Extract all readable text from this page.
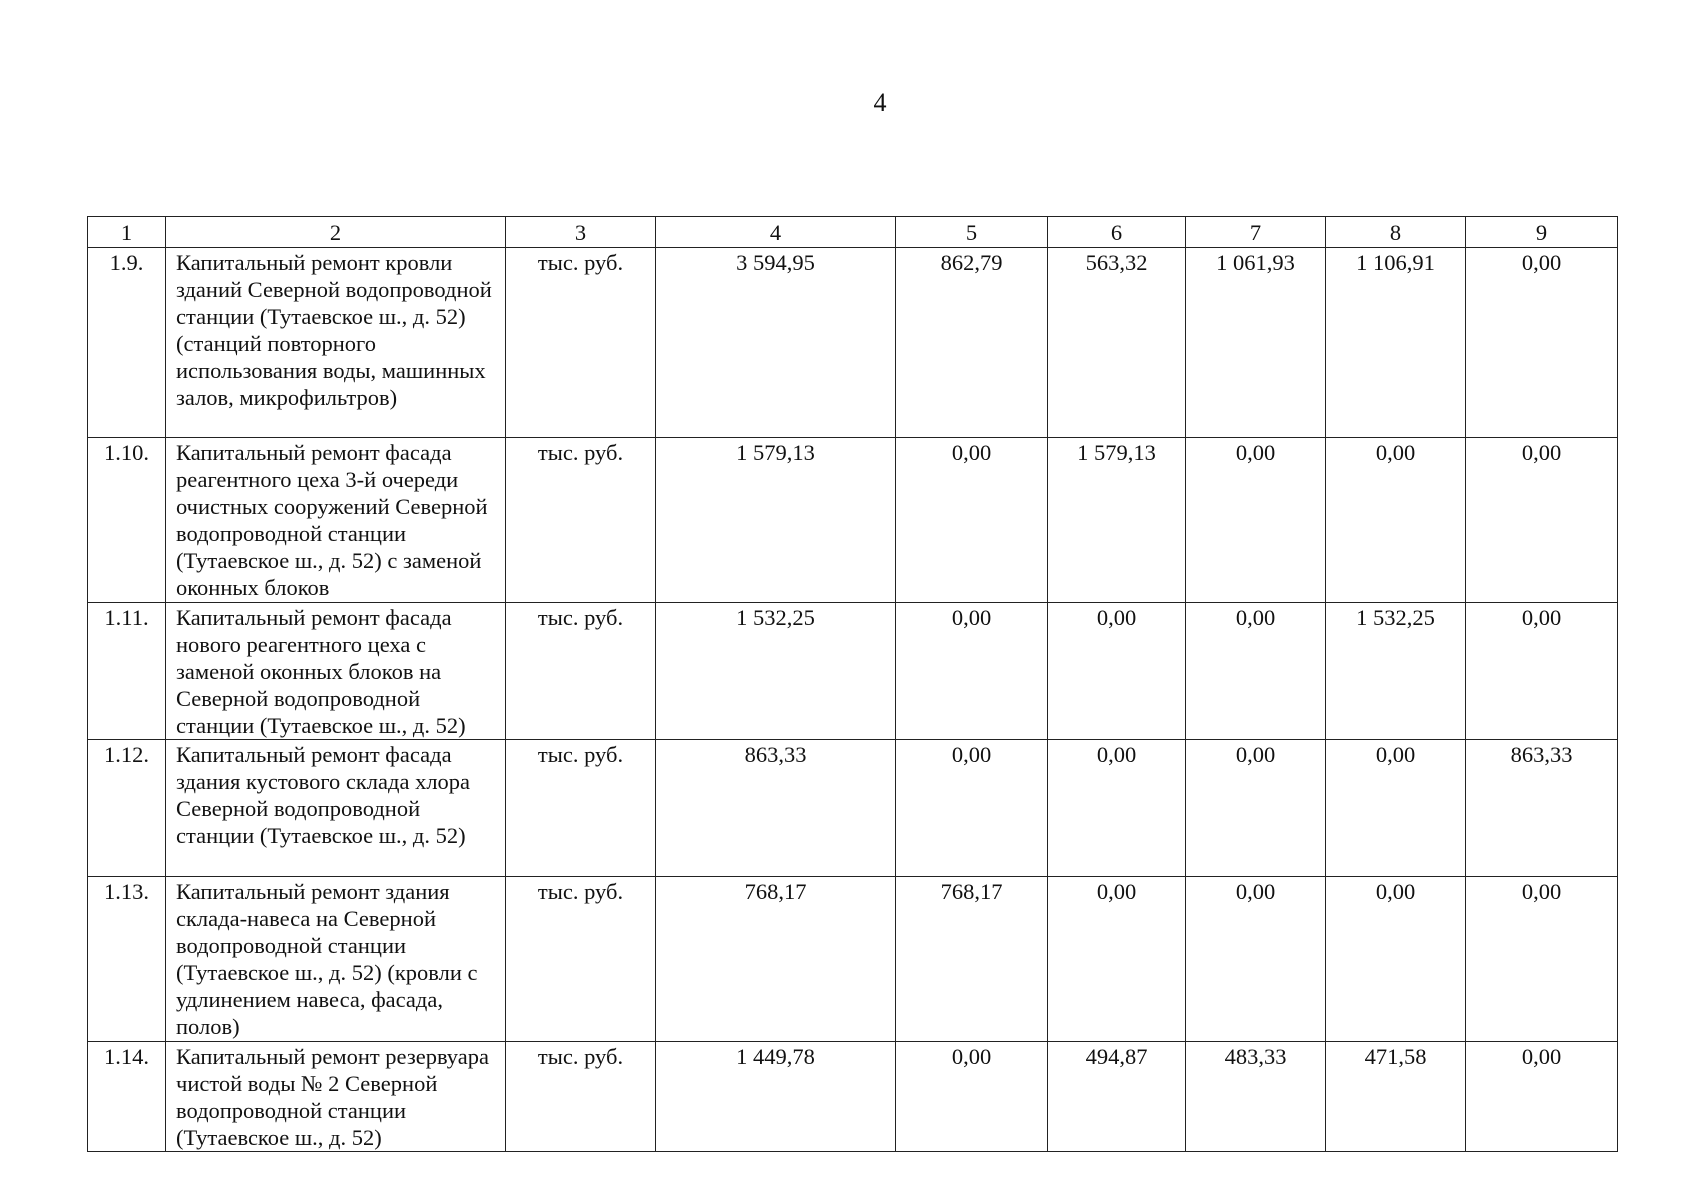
4
1	2	3	4	5	6	7	8	9
1.9.	Капитальный ремонт кровли зданий Северной водопроводной станции (Тутаевское ш., д. 52) (станций повторного использования воды, машинных залов, микрофильтров)	тыс. руб.	3 594,95	862,79	563,32	1 061,93	1 106,91	0,00
1.10.	Капитальный ремонт фасада реагентного цеха 3-й очереди очистных сооружений Северной водопроводной станции (Тутаевское ш., д. 52) с заменой оконных блоков	тыс. руб.	1 579,13	0,00	1 579,13	0,00	0,00	0,00
1.11.	Капитальный ремонт фасада нового реагентного цеха с заменой оконных блоков на Северной водопроводной станции (Тутаевское ш., д. 52)	тыс. руб.	1 532,25	0,00	0,00	0,00	1 532,25	0,00
1.12.	Капитальный ремонт фасада здания кустового склада хлора Северной водопроводной станции (Тутаевское ш., д. 52)	тыс. руб.	863,33	0,00	0,00	0,00	0,00	863,33
1.13.	Капитальный ремонт здания склада-навеса на Северной водопроводной станции (Тутаевское ш., д. 52) (кровли с удлинением навеса, фасада, полов)	тыс. руб.	768,17	768,17	0,00	0,00	0,00	0,00
1.14.	Капитальный ремонт резервуара чистой воды № 2 Северной водопроводной станции (Тутаевское ш., д. 52)	тыс. руб.	1 449,78	0,00	494,87	483,33	471,58	0,00
